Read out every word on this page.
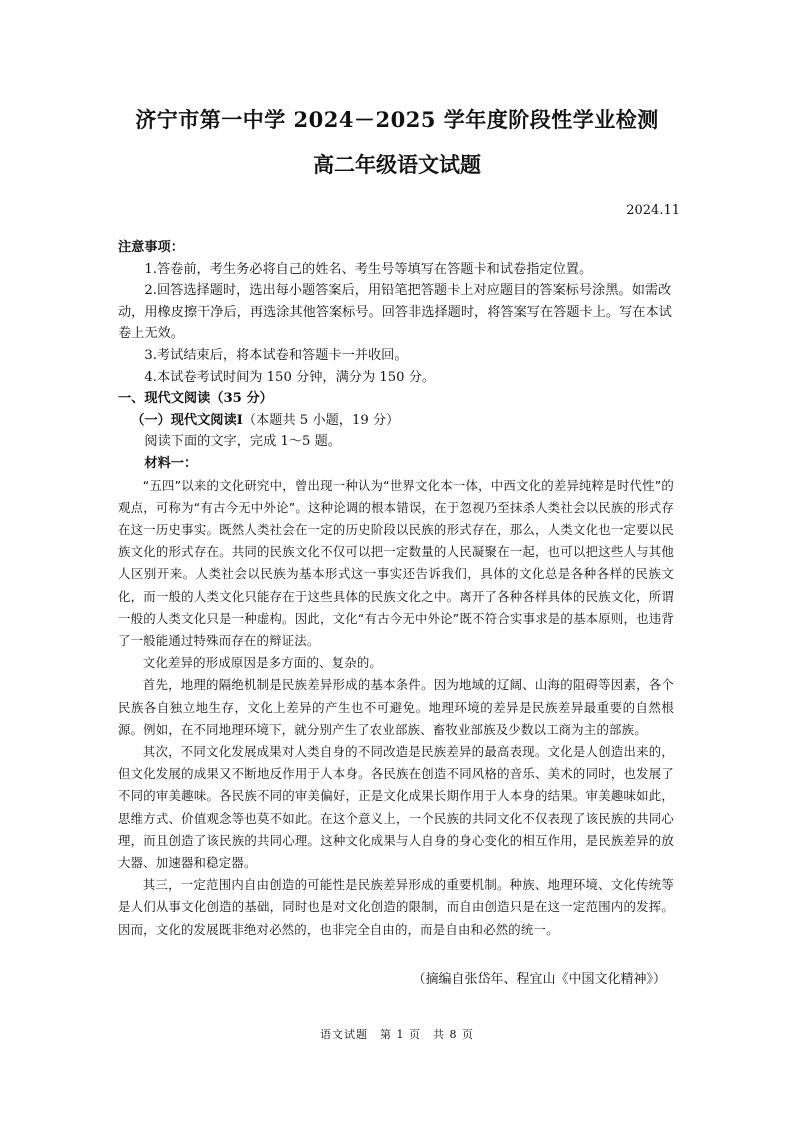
济宁市第一中学 2024－2025 学年度阶段性学业检测
高二年级语文试题
2024.11

注意事项：

1.答卷前，考生务必将自己的姓名、考生号等填写在答题卡和试卷指定位置。

2.回答选择题时，选出每小题答案后，用铅笔把答题卡上对应题目的答案标号涂黑。如需改动，用橡皮擦干净后，再选涂其他答案标号。回答非选择题时，将答案写在答题卡上。写在本试卷上无效。

3.考试结束后，将本试卷和答题卡一并收回。

4.本试卷考试时间为 150 分钟，满分为 150 分。

一、现代文阅读（35 分）

（一）现代文阅读Ⅰ（本题共 5 小题，19 分）

阅读下面的文字，完成 1～5 题。

材料一：

“五四”以来的文化研究中，曾出现一种认为“世界文化本一体，中西文化的差异纯粹是时代性”的观点，可称为“有古今无中外论”。这种论调的根本错误，在于忽视乃至抹杀人类社会以民族的形式存在这一历史事实。既然人类社会在一定的历史阶段以民族的形式存在，那么，人类文化也一定要以民族文化的形式存在。共同的民族文化不仅可以把一定数量的人民凝聚在一起，也可以把这些人与其他人区别开来。人类社会以民族为基本形式这一事实还告诉我们，具体的文化总是各种各样的民族文化，而一般的人类文化只能存在于这些具体的民族文化之中。离开了各种各样具体的民族文化，所谓一般的人类文化只是一种虚构。因此，文化“有古今无中外论”既不符合实事求是的基本原则，也违背了一般能通过特殊而存在的辩证法。

文化差异的形成原因是多方面的、复杂的。

首先，地理的隔绝机制是民族差异形成的基本条件。因为地域的辽阔、山海的阻碍等因素，各个民族各自独立地生存，文化上差异的产生也不可避免。地理环境的差异是民族差异最重要的自然根源。例如，在不同地理环境下，就分别产生了农业部族、畜牧业部族及少数以工商为主的部族。

其次，不同文化发展成果对人类自身的不同改造是民族差异的最高表现。文化是人创造出来的，但文化发展的成果又不断地反作用于人本身。各民族在创造不同风格的音乐、美术的同时，也发展了不同的审美趣味。各民族不同的审美偏好，正是文化成果长期作用于人本身的结果。审美趣味如此，思维方式、价值观念等也莫不如此。在这个意义上，一个民族的共同文化不仅表现了该民族的共同心理，而且创造了该民族的共同心理。这种文化成果与人自身的身心变化的相互作用，是民族差异的放大器、加速器和稳定器。

其三，一定范围内自由创造的可能性是民族差异形成的重要机制。种族、地理环境、文化传统等是人们从事文化创造的基础，同时也是对文化创造的限制，而自由创造只是在这一定范围内的发挥。因而，文化的发展既非绝对必然的，也非完全自由的，而是自由和必然的统一。

（摘编自张岱年、程宜山《中国文化精神》）
语文试题　第 1 页　共 8 页
